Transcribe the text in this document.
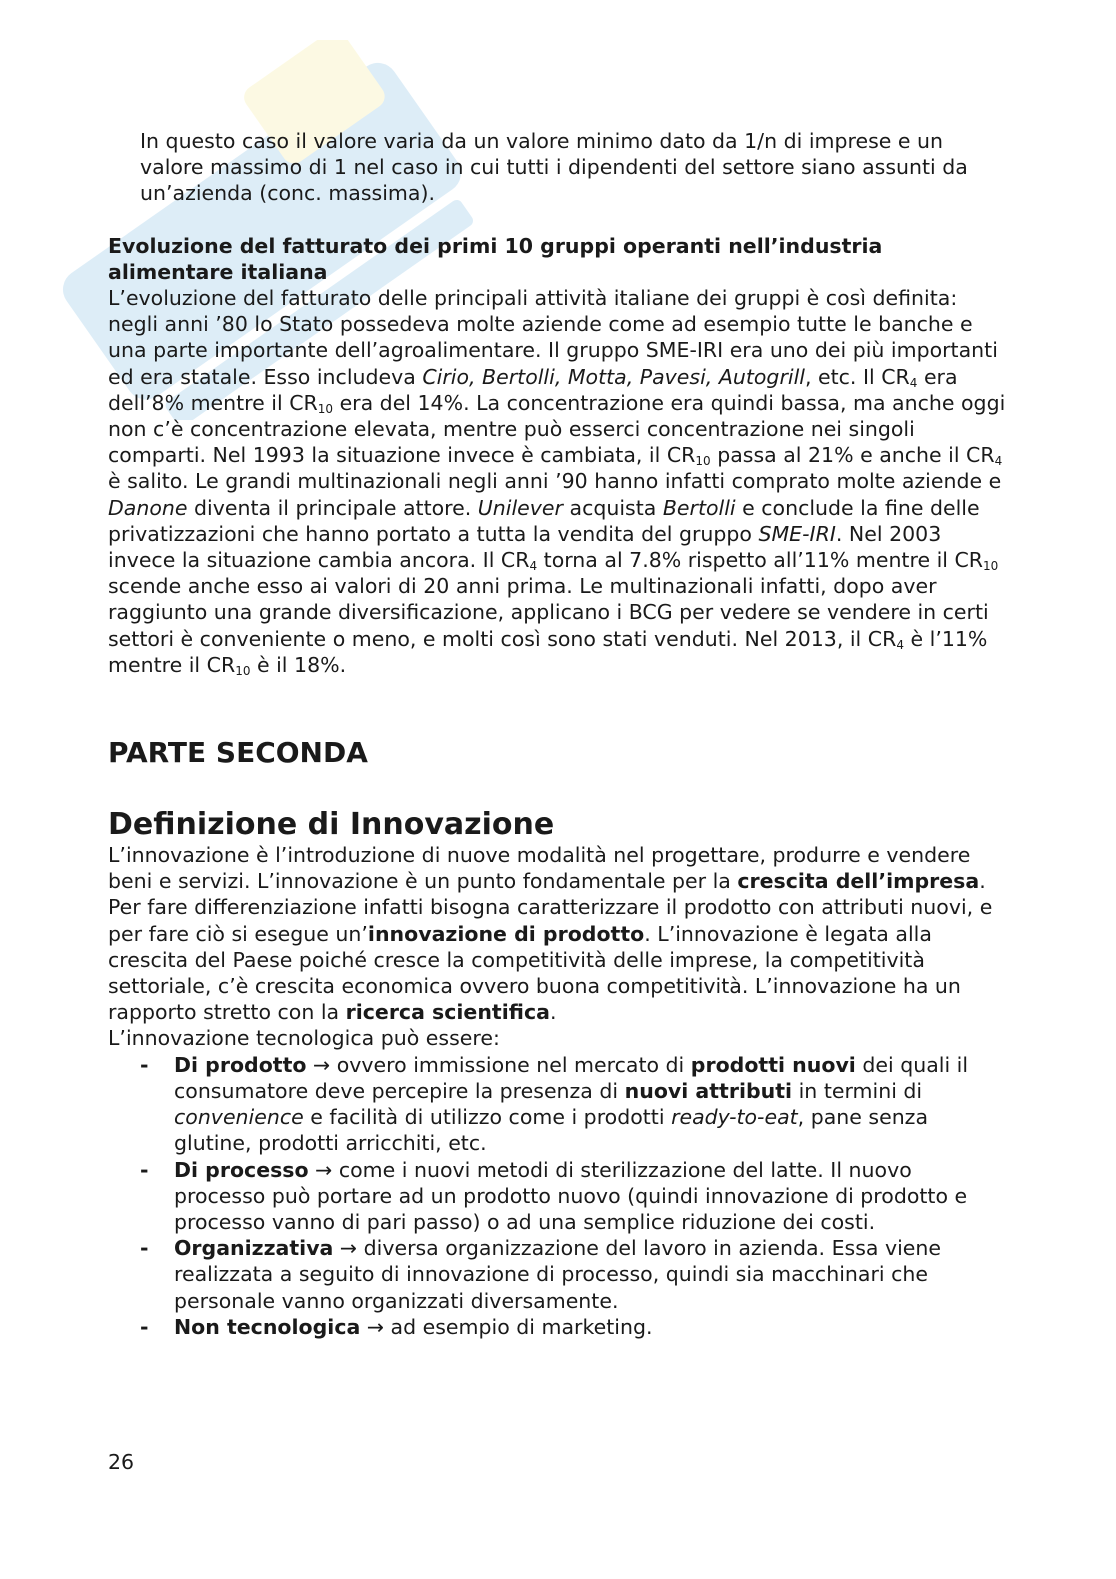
In questo caso il valore varia da un valore minimo dato da 1/n di imprese e un valore massimo di 1 nel caso in cui tutti i dipendenti del settore siano assunti da un’azienda (conc. massima).

Evoluzione del fatturato dei primi 10 gruppi operanti nell’industria alimentare italiana

L’evoluzione del fatturato delle principali attività italiane dei gruppi è così definita:

negli anni ’80 lo Stato possedeva molte aziende come ad esempio tutte le banche e una parte importante dell’agroalimentare. Il gruppo SME-IRI era uno dei più importanti ed era statale. Esso includeva Cirio, Bertolli, Motta, Pavesi, Autogrill, etc. Il $CR_4$ era dell’8% mentre il $CR_{10}$ era del 14%. La concentrazione era quindi bassa, ma anche oggi non c’è concentrazione elevata, mentre può esserci concentrazione nei singoli comparti. Nel 1993 la situazione invece è cambiata, il $CR_{10}$ passa al 21% e anche il $CR_4$ è salito. Le grandi multinazionali negli anni ’90 hanno infatti comprato molte aziende e Danone diventa il principale attore. Unilever acquista Bertolli e conclude la fine delle privatizzazioni che hanno portato a tutta la vendita del gruppo SME-IRI. Nel 2003 invece la situazione cambia ancora. Il $CR_4$ torna al 7.8% rispetto all’11% mentre il $CR_{10}$ scende anche esso ai valori di 20 anni prima. Le multinazionali infatti, dopo aver raggiunto una grande diversificazione, applicano i BCG per vedere se vendere in certi settori è conveniente o meno, e molti così sono stati venduti. Nel 2013, il $CR_4$ è l’11% mentre il $CR_{10}$ è il 18%.

PARTE SECONDA
Definizione di Innovazione

L’innovazione è l’introduzione di nuove modalità nel progettare, produrre e vendere beni e servizi. L’innovazione è un punto fondamentale per la crescita dell’impresa. Per fare differenziazione infatti bisogna caratterizzare il prodotto con attributi nuovi, e per fare ciò si esegue un’innovazione di prodotto. L’innovazione è legata alla crescita del Paese poiché cresce la competitività delle imprese, la competitività settoriale, c’è crescita economica ovvero buona competitività. L’innovazione ha un rapporto stretto con la ricerca scientifica.

L’innovazione tecnologica può essere:

- Di prodotto → ovvero immissione nel mercato di prodotti nuovi dei quali il consumatore deve percepire la presenza di nuovi attributi in termini di convenience e facilità di utilizzo come i prodotti ready-to-eat, pane senza glutine, prodotti arricchiti, etc.
- Di processo → come i nuovi metodi di sterilizzazione del latte. Il nuovo processo può portare ad un prodotto nuovo (quindi innovazione di prodotto e processo vanno di pari passo) o ad una semplice riduzione dei costi.
- Organizzativa → diversa organizzazione del lavoro in azienda. Essa viene realizzata a seguito di innovazione di processo, quindi sia macchinari che personale vanno organizzati diversamente.
- Non tecnologica → ad esempio di marketing.
26
